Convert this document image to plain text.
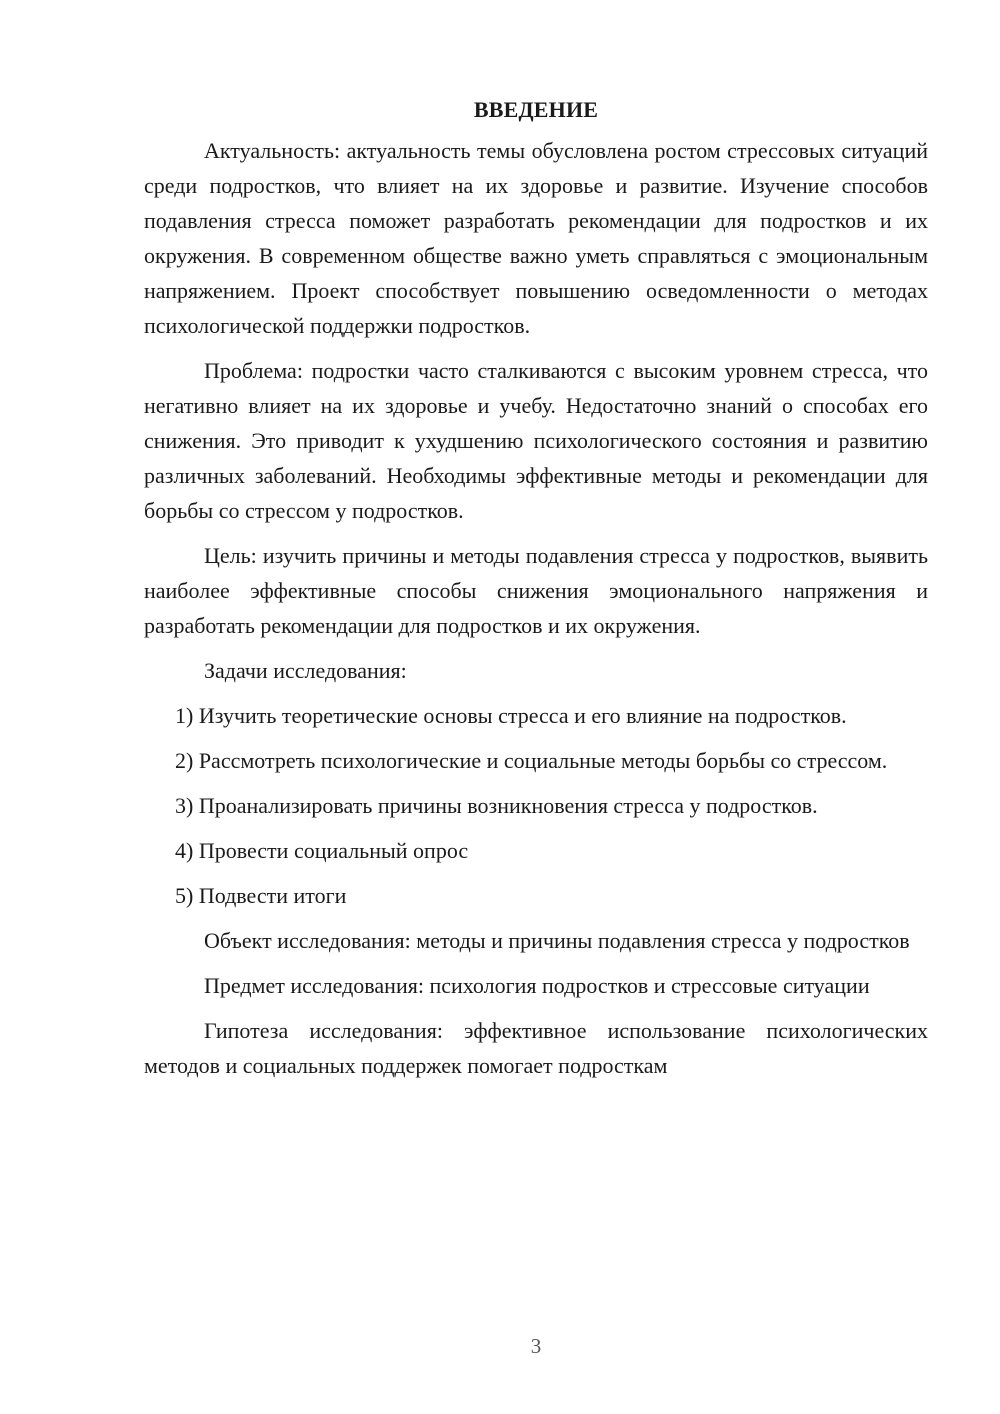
ВВЕДЕНИЕ

Актуальность: актуальность темы обусловлена ростом стрессовых ситуаций среди подростков, что влияет на их здоровье и развитие. Изучение способов подавления стресса поможет разработать рекомендации для подростков и их окружения. В современном обществе важно уметь справляться с эмоциональным напряжением. Проект способствует повышению осведомленности о методах психологической поддержки подростков.

Проблема: подростки часто сталкиваются с высоким уровнем стресса, что негативно влияет на их здоровье и учебу. Недостаточно знаний о способах его снижения. Это приводит к ухудшению психологического состояния и развитию различных заболеваний. Необходимы эффективные методы и рекомендации для борьбы со стрессом у подростков.

Цель: изучить причины и методы подавления стресса у подростков, выявить наиболее эффективные способы снижения эмоционального напряжения и разработать рекомендации для подростков и их окружения.

Задачи исследования:

1) Изучить теоретические основы стресса и его влияние на подростков.

2) Рассмотреть психологические и социальные методы борьбы со стрессом.

3) Проанализировать причины возникновения стресса у подростков.

4) Провести социальный опрос

5) Подвести итоги

Объект исследования: методы и причины подавления стресса у подростков

Предмет исследования: психология подростков и стрессовые ситуации

Гипотеза исследования: эффективное использование психологических методов и социальных поддержек помогает подросткам

3
